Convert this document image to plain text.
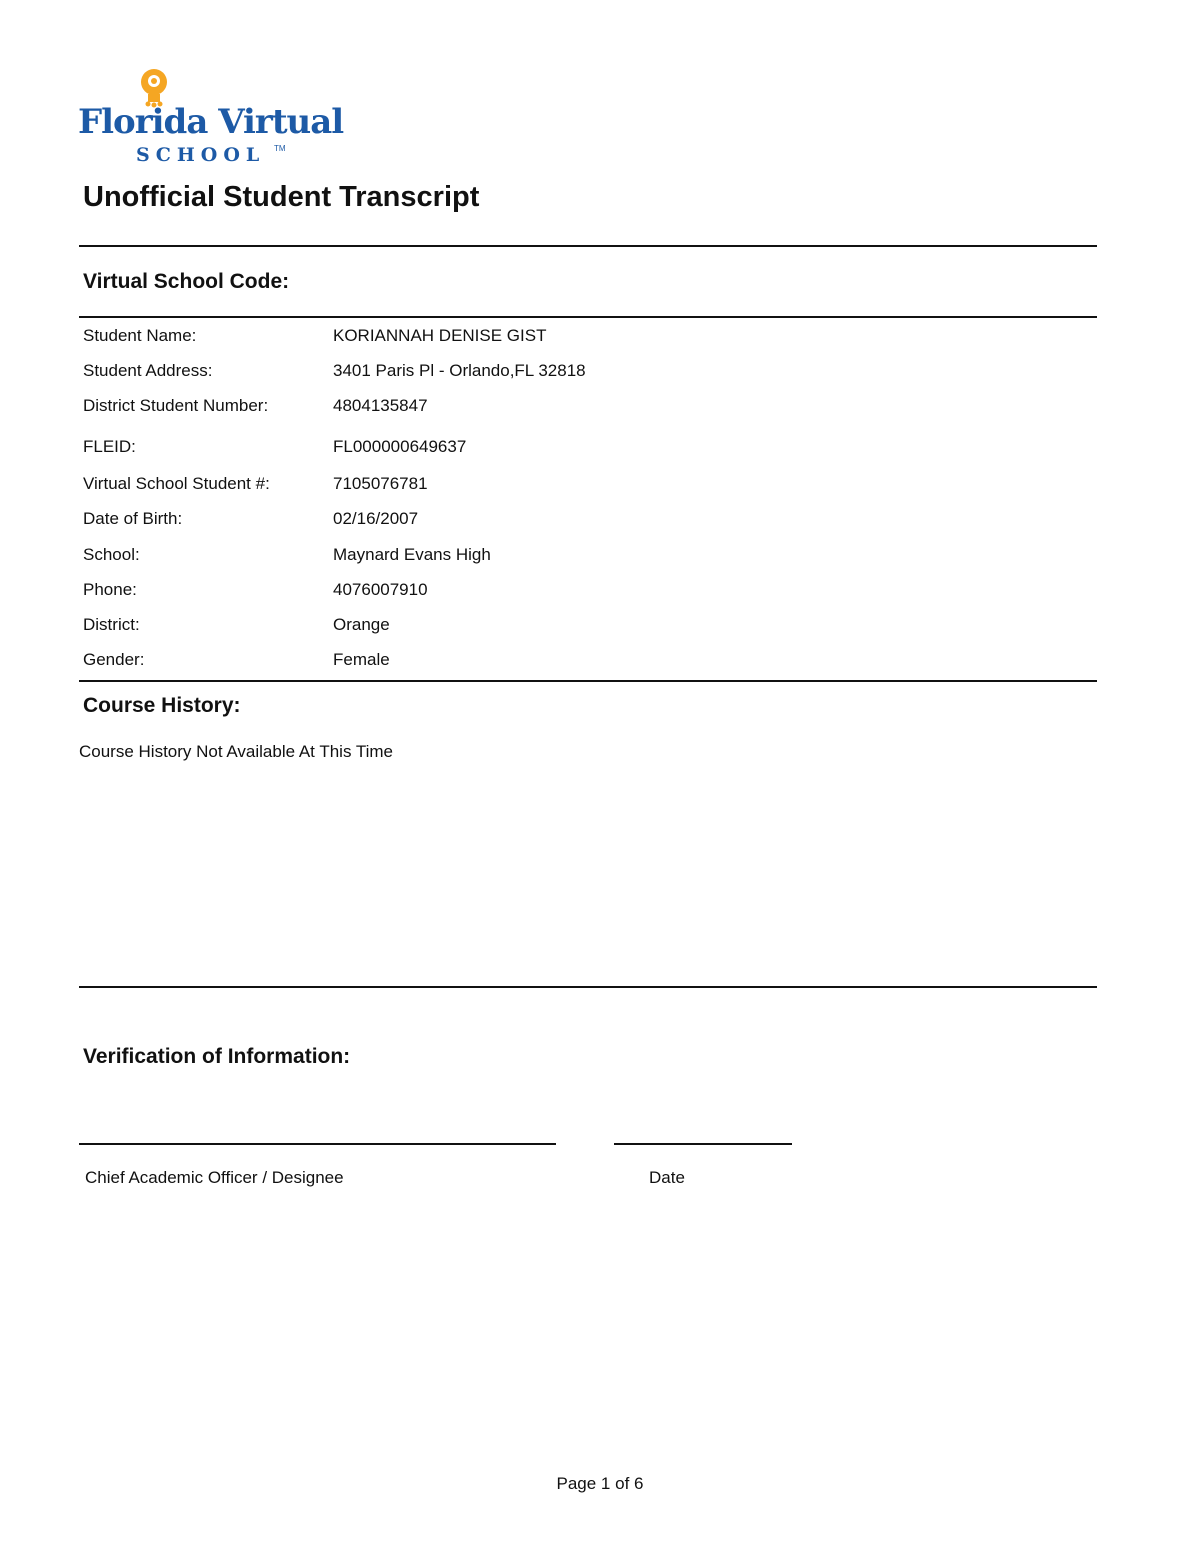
Florida Virtual
SCHOOL TM
Unofficial Student Transcript
Virtual School Code:
Student Name:	KORIANNAH DENISE GIST
Student Address:	3401 Paris Pl - Orlando,FL 32818
District Student Number:	4804135847
FLEID:	FL000000649637
Virtual School Student #:	7105076781
Date of Birth:	02/16/2007
School:	Maynard Evans High
Phone:	4076007910
District:	Orange
Gender:	Female
Course History:
Course History Not Available At This Time
Verification of Information:
Chief Academic Officer / Designee	Date
Page 1 of 6
